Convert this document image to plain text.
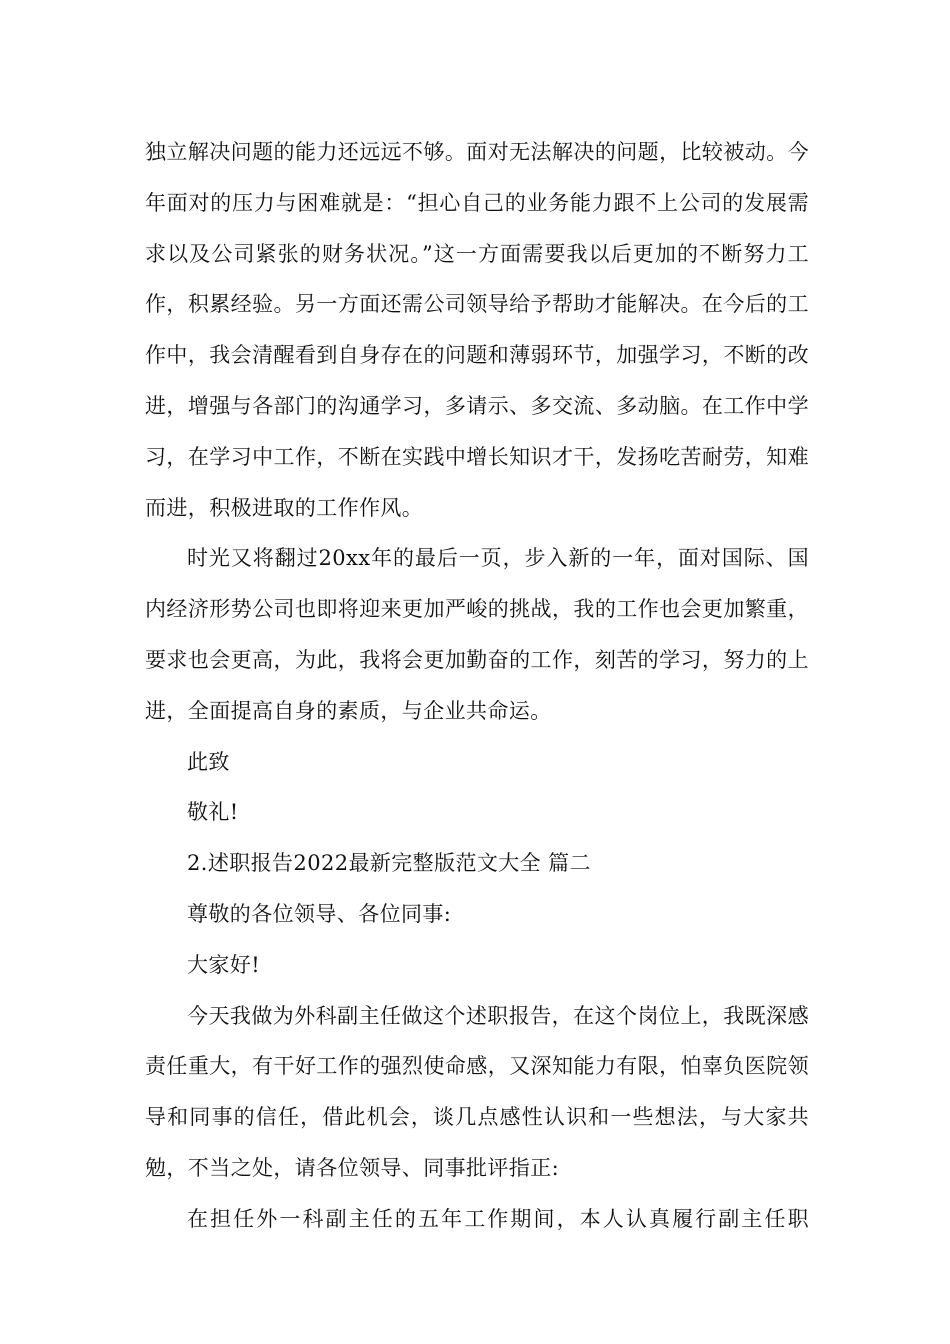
独立解决问题的能力还远远不够。面对无法解决的问题，比较被动。今年面对的压力与困难就是：“担心自己的业务能力跟不上公司的发展需求以及公司紧张的财务状况。”这一方面需要我以后更加的不断努力工作，积累经验。另一方面还需公司领导给予帮助才能解决。在今后的工作中，我会清醒看到自身存在的问题和薄弱环节，加强学习，不断的改进，增强与各部门的沟通学习，多请示、多交流、多动脑。在工作中学习，在学习中工作，不断在实践中增长知识才干，发扬吃苦耐劳，知难而进，积极进取的工作作风。

时光又将翻过20xx年的最后一页，步入新的一年，面对国际、国内经济形势公司也即将迎来更加严峻的挑战，我的工作也会更加繁重，要求也会更高，为此，我将会更加勤奋的工作，刻苦的学习，努力的上进，全面提高自身的素质，与企业共命运。

此致

敬礼!

2.述职报告2022最新完整版范文大全 篇二

尊敬的各位领导、各位同事:

大家好!

今天我做为外科副主任做这个述职报告，在这个岗位上，我既深感责任重大，有干好工作的强烈使命感，又深知能力有限，怕辜负医院领导和同事的信任，借此机会，谈几点感性认识和一些想法，与大家共勉，不当之处，请各位领导、同事批评指正:

在担任外一科副主任的五年工作期间，本人认真履行副主任职
